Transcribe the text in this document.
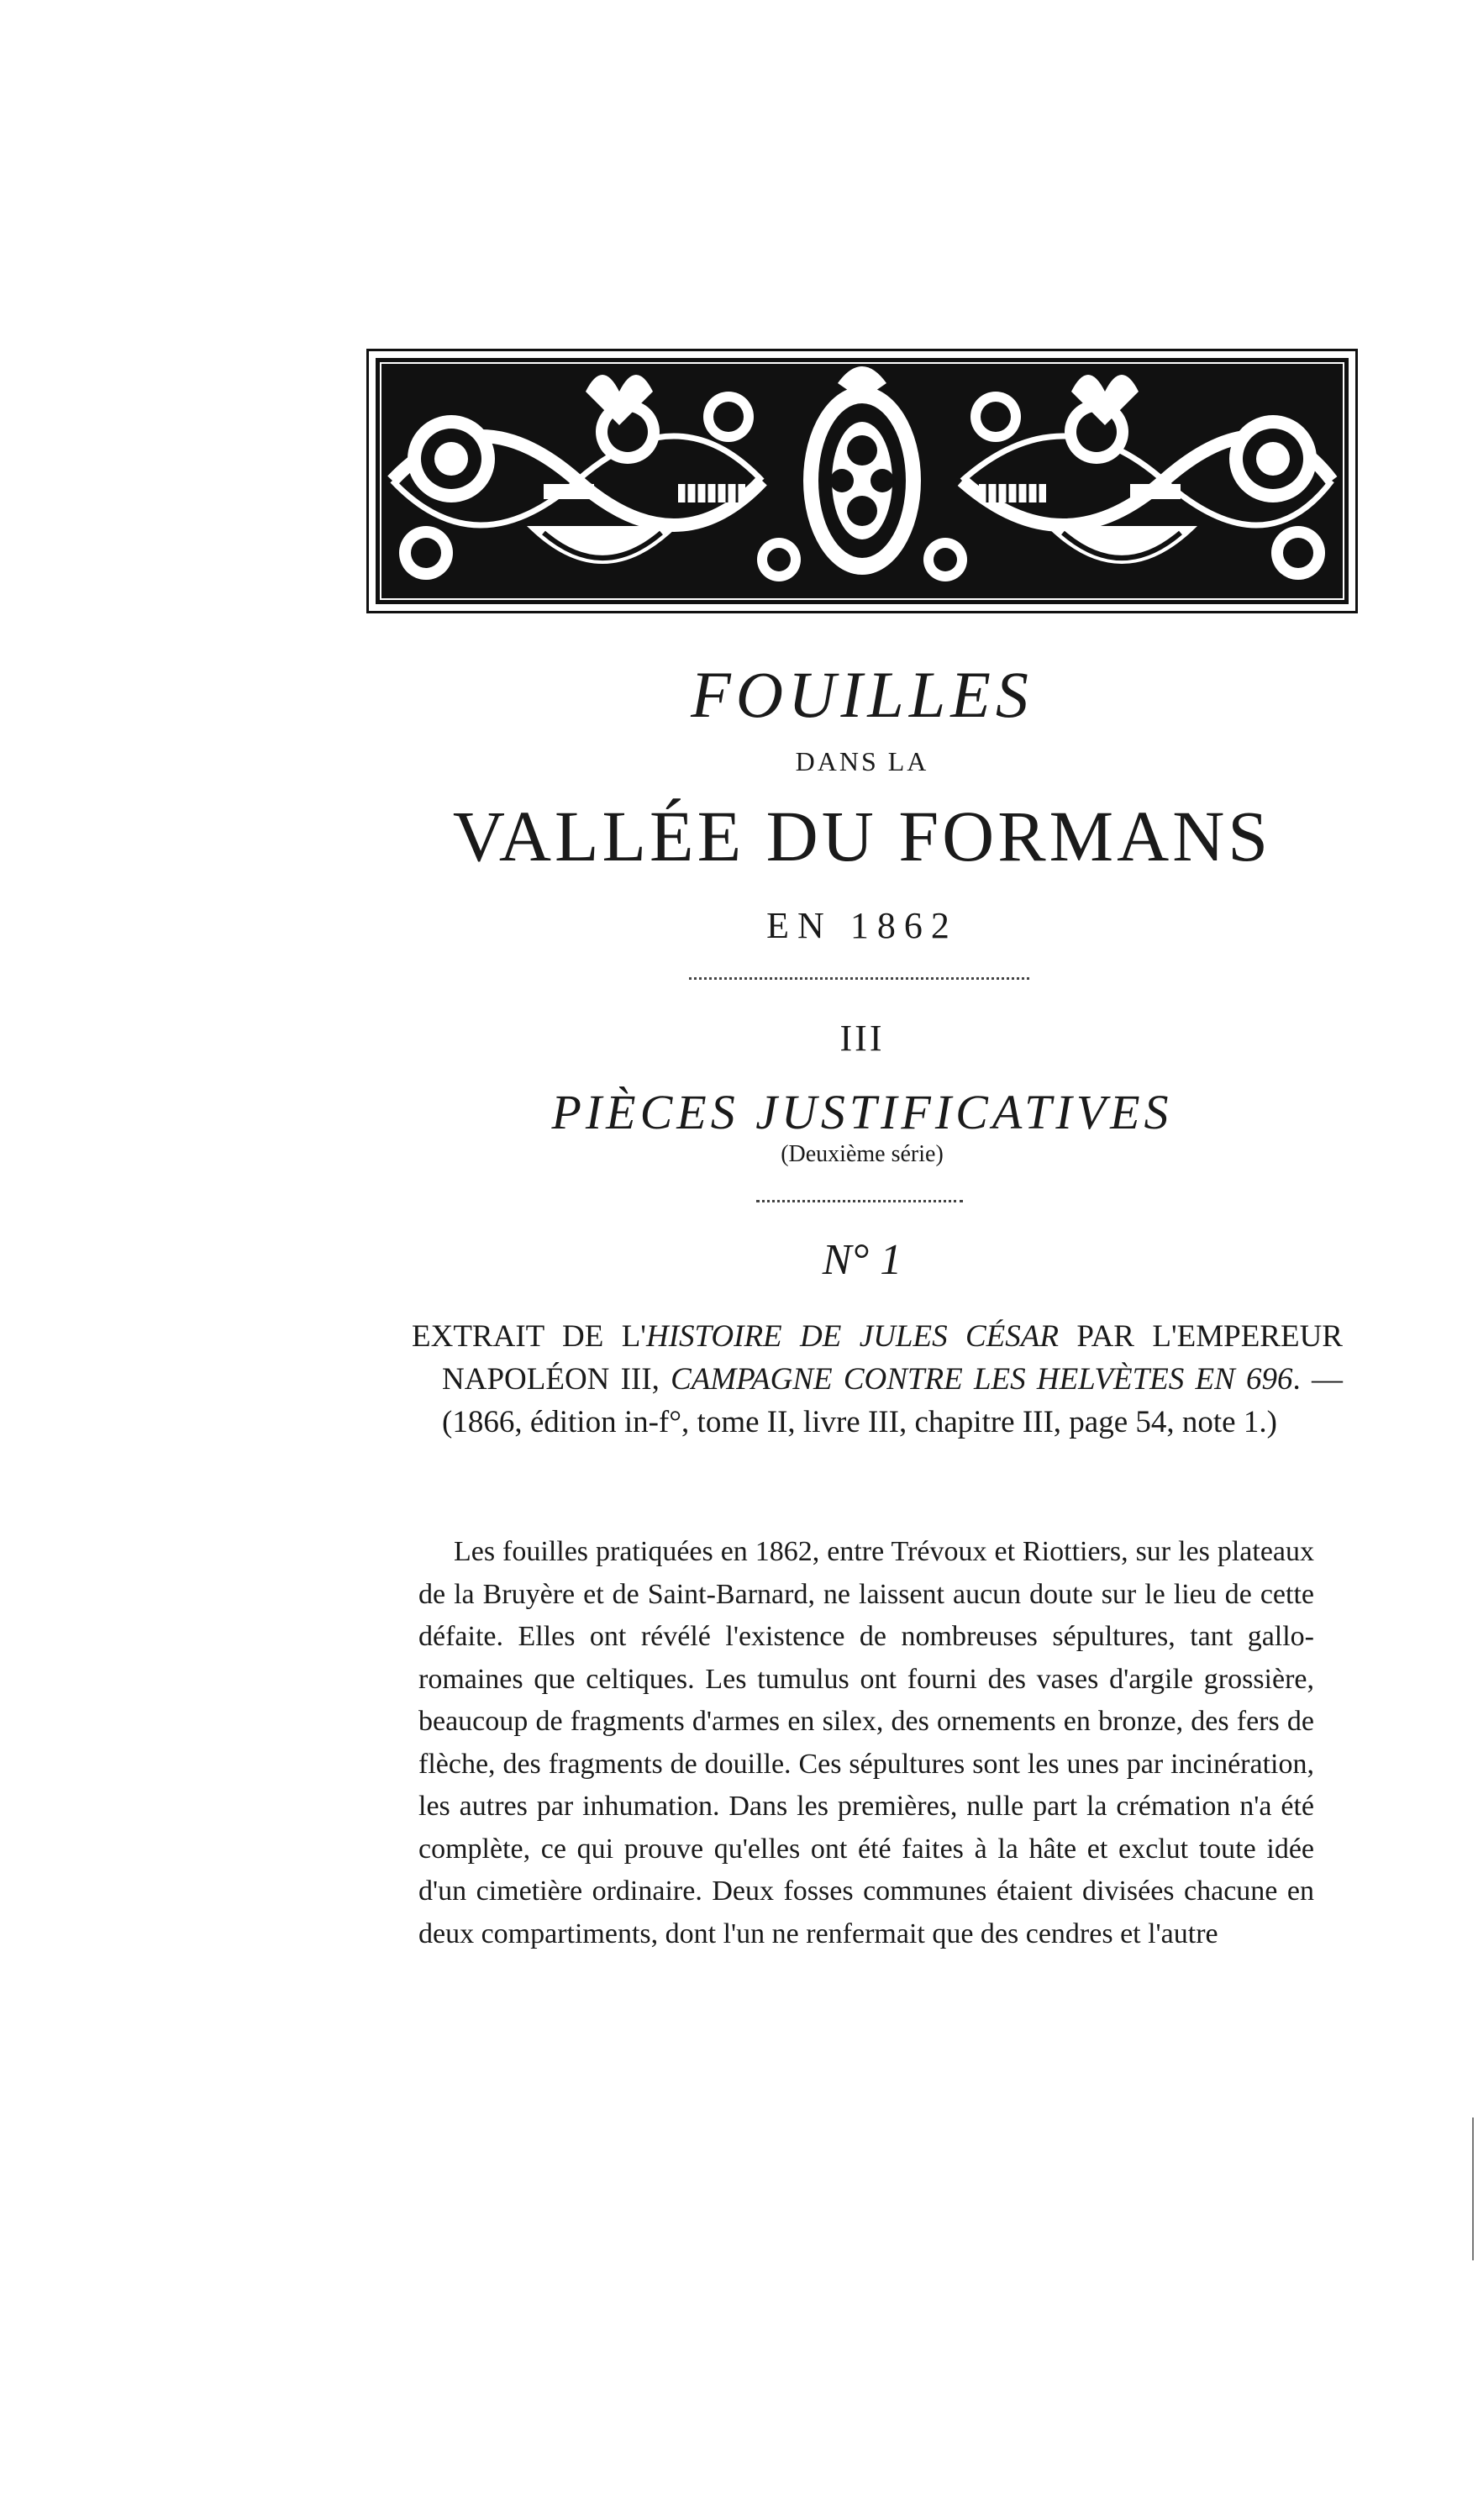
FOUILLES
DANS LA
VALLÉE DU FORMANS
EN 1862
III
PIÈCES JUSTIFICATIVES
(Deuxième série)
N° 1
EXTRAIT DE L'HISTOIRE DE JULES CÉSAR PAR L'EMPEREUR NAPOLÉON III, CAMPAGNE CONTRE LES HELVÈTES EN 696. — (1866, édition in-f°, tome II, livre III, chapitre III, page 54, note 1.)

Les fouilles pratiquées en 1862, entre Trévoux et Riottiers, sur les plateaux de la Bruyère et de Saint-Barnard, ne laissent aucun doute sur le lieu de cette défaite. Elles ont révélé l'existence de nombreuses sépultures, tant gallo-romaines que celtiques. Les tumulus ont fourni des vases d'argile grossière, beaucoup de fragments d'armes en silex, des ornements en bronze, des fers de flèche, des fragments de douille. Ces sépultures sont les unes par incinération, les autres par inhumation. Dans les premières, nulle part la crémation n'a été complète, ce qui prouve qu'elles ont été faites à la hâte et exclut toute idée d'un cimetière ordinaire. Deux fosses communes étaient divisées chacune en deux compartiments, dont l'un ne renfermait que des cendres et l'autre
